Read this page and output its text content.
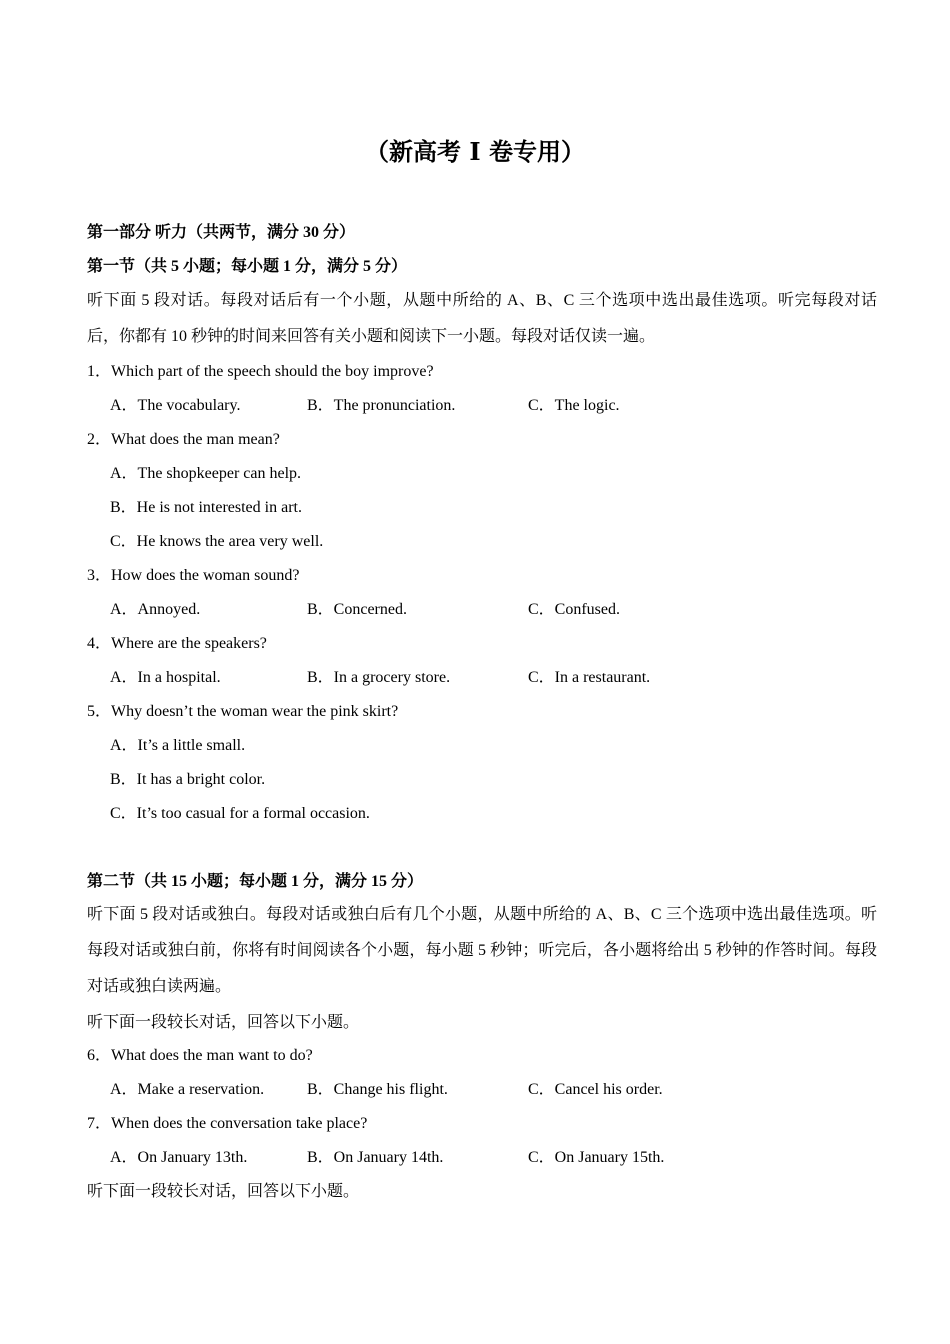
（新高考 I 卷专用）
第一部分 听力（共两节，满分 30 分）
第一节（共 5 小题；每小题 1 分，满分 5 分）
听下面 5 段对话。每段对话后有一个小题，从题中所给的 A、B、C 三个选项中选出最佳选项。听完每段对话后，你都有 10 秒钟的时间来回答有关小题和阅读下一小题。每段对话仅读一遍。
1．Which part of the speech should the boy improve?
A．The vocabulary.	B．The pronunciation.	C．The logic.
2．What does the man mean?
A．The shopkeeper can help.
B．He is not interested in art.
C．He knows the area very well.
3．How does the woman sound?
A．Annoyed.	B．Concerned.	C．Confused.
4．Where are the speakers?
A．In a hospital.	B．In a grocery store.	C．In a restaurant.
5．Why doesn’t the woman wear the pink skirt?
A．It’s a little small.
B．It has a bright color.
C．It’s too casual for a formal occasion.
第二节（共 15 小题；每小题 1 分，满分 15 分）
听下面 5 段对话或独白。每段对话或独白后有几个小题，从题中所给的 A、B、C 三个选项中选出最佳选项。听每段对话或独白前，你将有时间阅读各个小题，每小题 5 秒钟；听完后，各小题将给出 5 秒钟的作答时间。每段对话或独白读两遍。
听下面一段较长对话，回答以下小题。
6．What does the man want to do?
A．Make a reservation.	B．Change his flight.	C．Cancel his order.
7．When does the conversation take place?
A．On January 13th.	B．On January 14th.	C．On January 15th.
听下面一段较长对话，回答以下小题。
